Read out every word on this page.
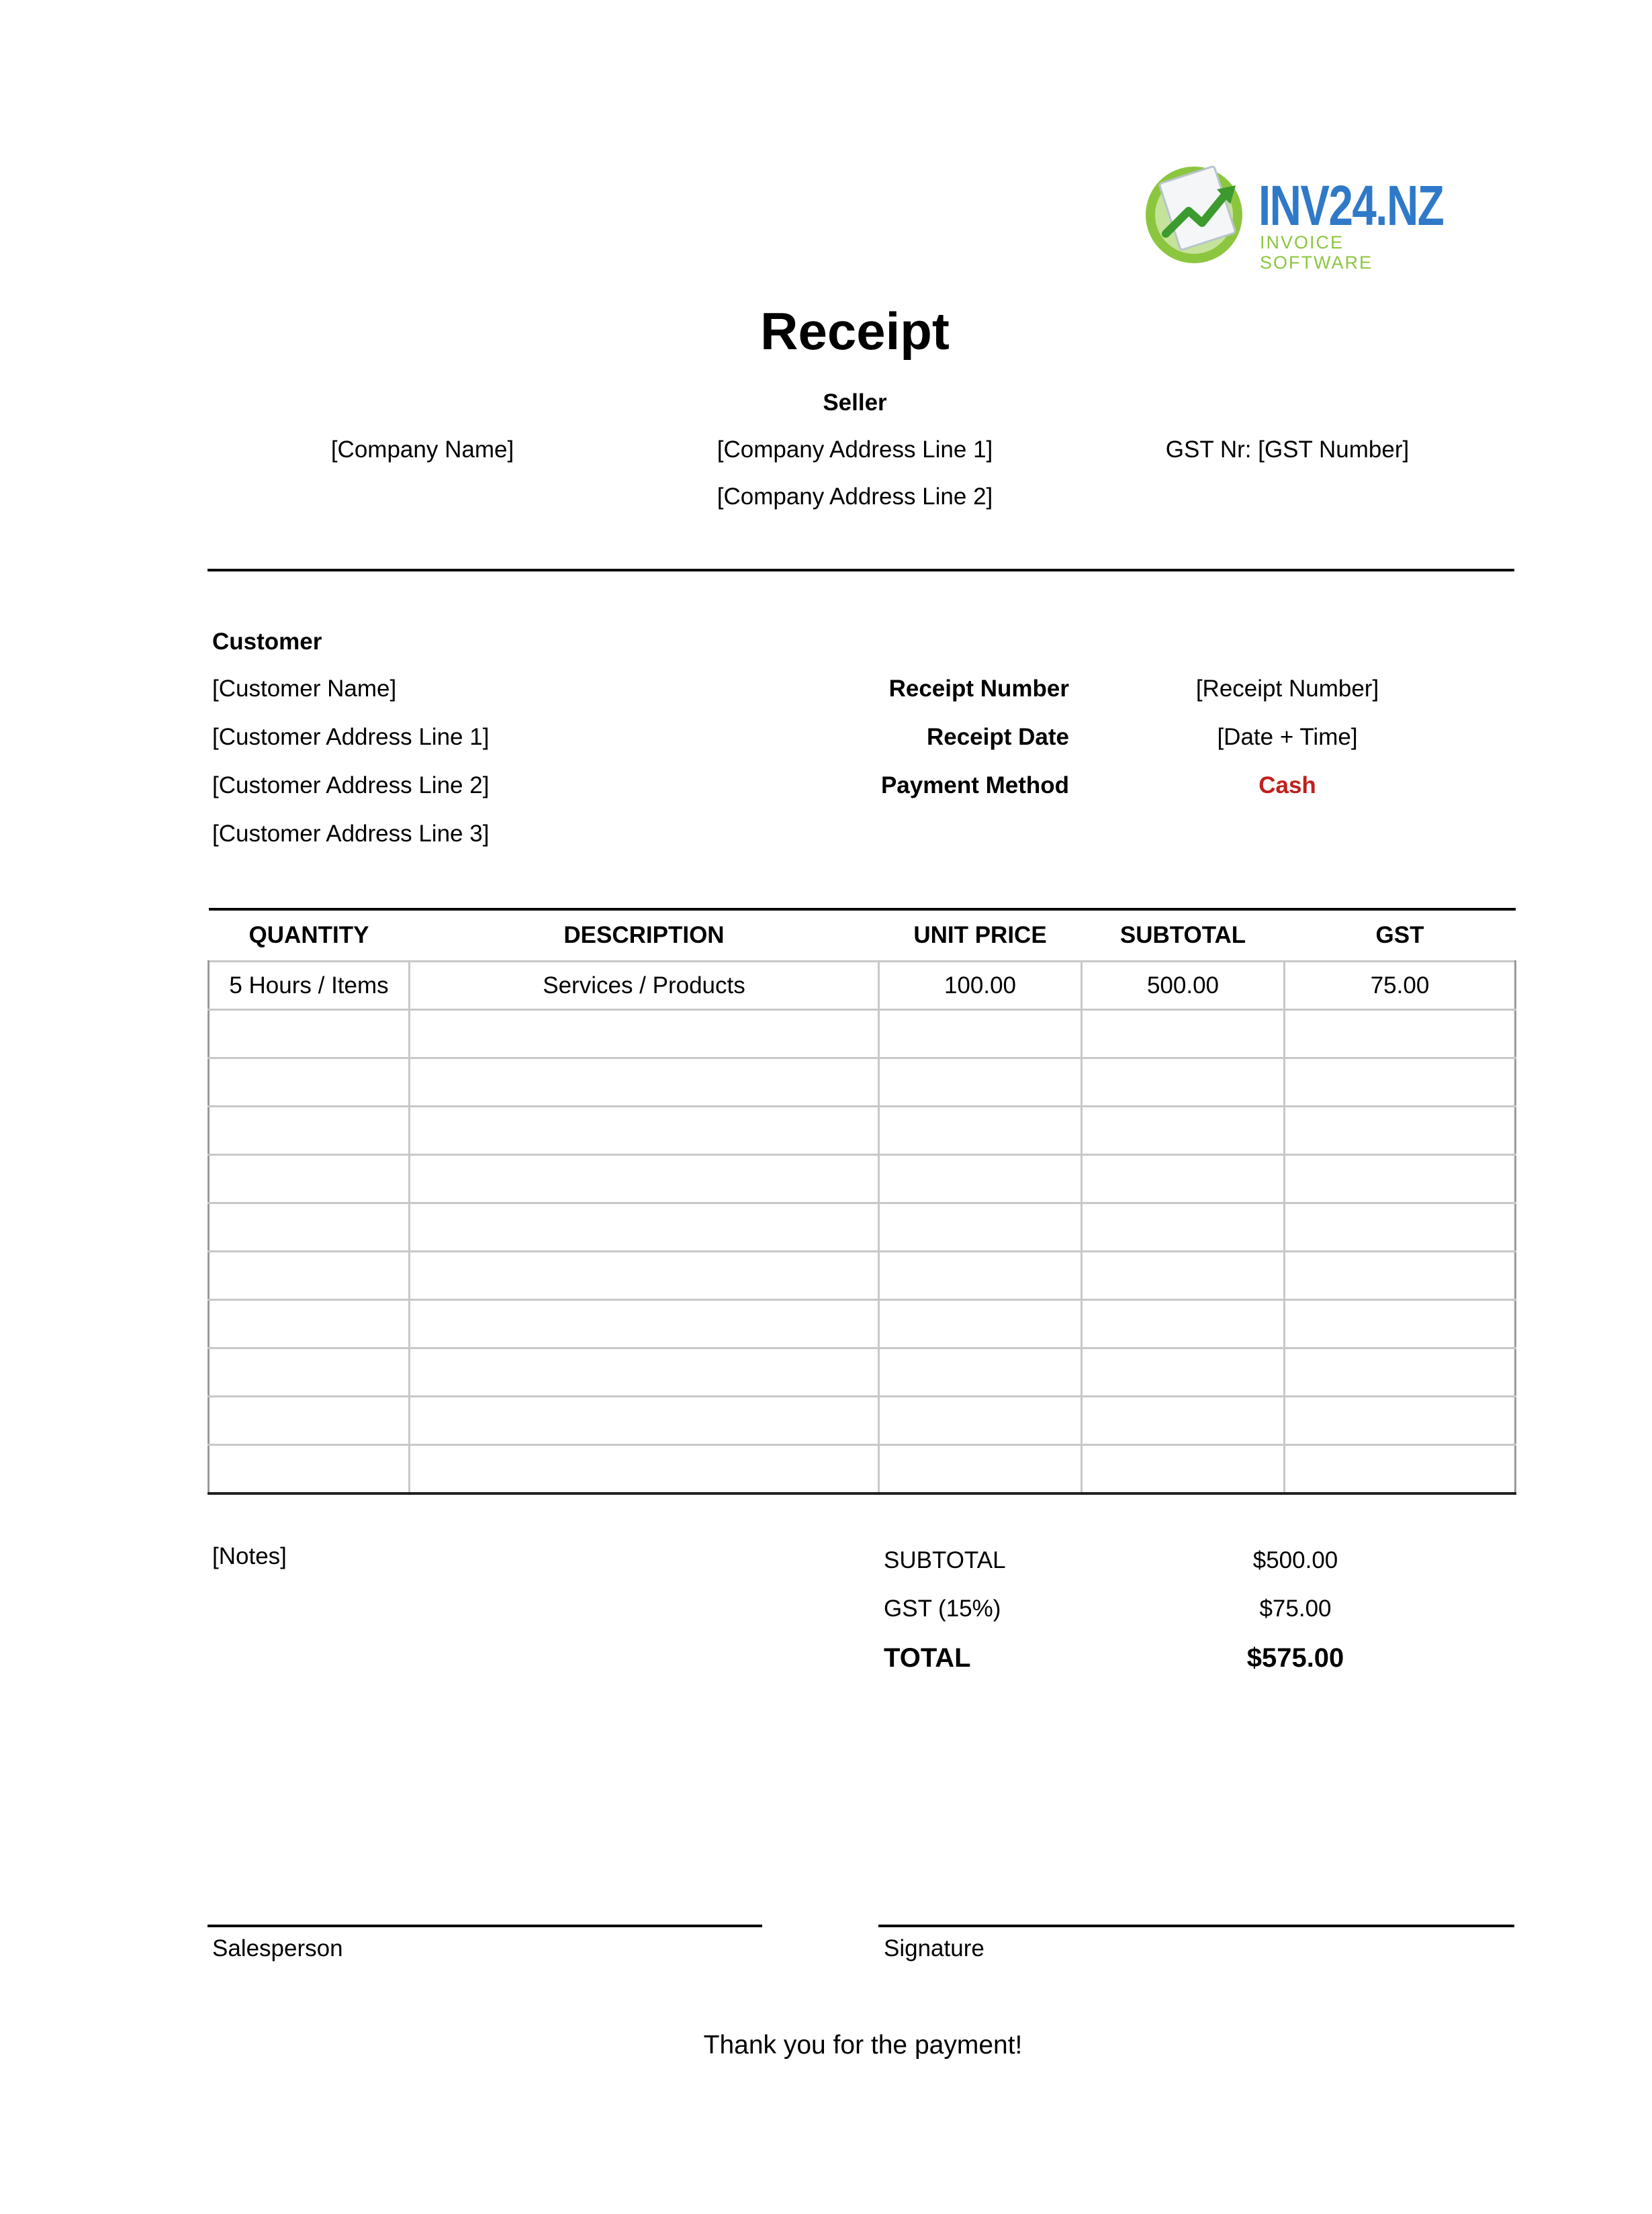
INV24.NZ
INVOICE SOFTWARE
Receipt
Seller
[Company Name]	[Company Address Line 1]
[Company Address Line 2]
GST Nr: [GST Number]
Customer
[Customer Name]
[Customer Address Line 1]
[Customer Address Line 2]
[Customer Address Line 3]
Receipt Number	[Receipt Number]
Receipt Date	[Date + Time]
Payment Method	Cash
QUANTITY	DESCRIPTION	UNIT PRICE	SUBTOTAL	GST
5 Hours / Items	Services / Products	100.00	500.00	75.00

[Notes]	SUBTOTAL	$500.00
GST (15%)	$75.00
TOTAL	$575.00
Salesperson	Signature
Thank you for the payment!
